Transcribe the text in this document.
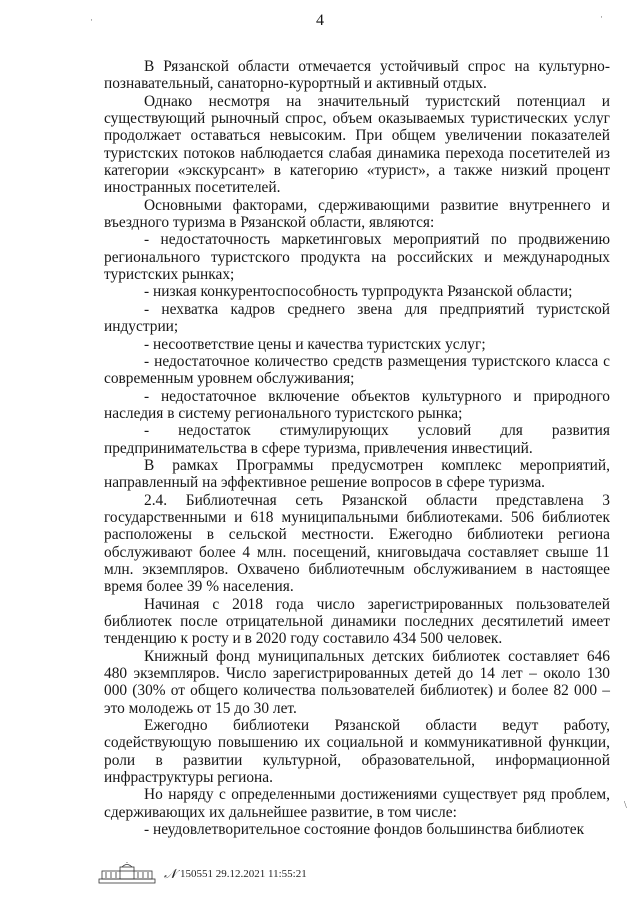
4
·	·
\

В Рязанской области отмечается устойчивый спрос на культурно-познавательный, санаторно-курортный и активный отдых.

Однако несмотря на значительный туристский потенциал и существующий рыночный спрос, объем оказываемых туристических услуг продолжает оставаться невысоким. При общем увеличении показателей туристских потоков наблюдается слабая динамика перехода посетителей из категории «экскурсант» в категорию «турист», а также низкий процент иностранных посетителей.

Основными факторами, сдерживающими развитие внутреннего и въездного туризма в Рязанской области, являются:

- недостаточность маркетинговых мероприятий по продвижению регионального туристского продукта на российских и международных туристских рынках;

- низкая конкурентоспособность турпродукта Рязанской области;

- нехватка кадров среднего звена для предприятий туристской индустрии;

- несоответствие цены и качества туристских услуг;

- недостаточное количество средств размещения туристского класса с современным уровнем обслуживания;

- недостаточное включение объектов культурного и природного наследия в систему регионального туристского рынка;

- недостаток стимулирующих условий для развития предпринимательства в сфере туризма, привлечения инвестиций.

В рамках Программы предусмотрен комплекс мероприятий, направленный на эффективное решение вопросов в сфере туризма.

2.4. Библиотечная сеть Рязанской области представлена 3 государственными и 618 муниципальными библиотеками. 506 библиотек расположены в сельской местности. Ежегодно библиотеки региона обслуживают более 4 млн. посещений, книговыдача составляет свыше 11 млн. экземпляров. Охвачено библиотечным обслуживанием в настоящее время более 39 % населения.

Начиная с 2018 года число зарегистрированных пользователей библиотек после отрицательной динамики последних десятилетий имеет тенденцию к росту и в 2020 году составило 434 500 человек.

Книжный фонд муниципальных детских библиотек составляет 646 480 экземпляров. Число зарегистрированных детей до 14 лет – около 130 000 (30% от общего количества пользователей библиотек) и более 82 000 – это молодежь от 15 до 30 лет.

Ежегодно библиотеки Рязанской области ведут работу, содействующую повышению их социальной и коммуникативной функции, роли в развитии культурной, образовательной, информационной инфраструктуры региона.

Но наряду с определенными достижениями существует ряд проблем, сдерживающих их дальнейшее развитие, в том числе:

- неудовлетворительное состояние фондов большинства библиотек

𝒩 150551 29.12.2021 11:55:21
